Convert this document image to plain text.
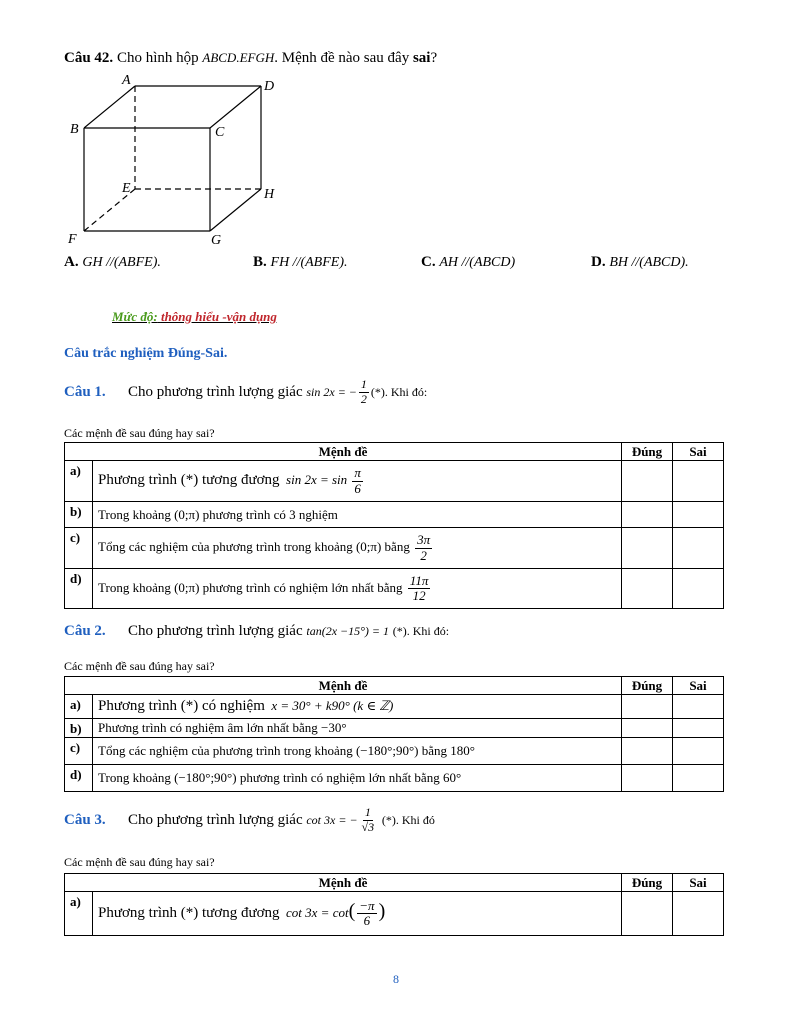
Câu 42. Cho hình hộp ABCD.EFGH. Mệnh đề nào sau đây sai?
A	D
B	C
E	H
F	G
A. GH //(ABFE).	B. FH //(ABFE).	C. AH //(ABCD)	D. BH //(ABCD).
Mức độ: thông hiểu -vận dụng
Câu trắc nghiệm Đúng-Sai.
Câu 1.	Cho phương trình lượng giác
sin 2x = − $\frac{1}{2}$ (*). Khi đó:
Các mệnh đề sau đúng hay sai?
Mệnh đề		Đúng	Sai
a)	Phương trình (*) tương đương $\sin 2x = \sin \frac{\pi}{6}$

b)	Trong khoảng (0;π) phương trình có 3 nghiệm		
c)	Tổng các nghiệm của phương trình trong khoảng (0;π) bằng $\frac{3\pi}{2}$

d)	Trong khoảng (0;π) phương trình có nghiệm lớn nhất bằng $\frac{11\pi}{12}$

Câu 2.	Cho phương trình lượng giác
tan(2x −15°) = 1
(*). Khi đó:
Các mệnh đề sau đúng hay sai?
Mệnh đề		Đúng	Sai
a)	Phương trình (*) có nghiệm x = 30° + k90° (k ∈ ℤ)		
b)	Phương trình có nghiệm âm lớn nhất bằng −30°		
c)	Tổng các nghiệm của phương trình trong khoảng (−180°;90°) bằng 180°		
d)	Trong khoảng (−180°;90°) phương trình có nghiệm lớn nhất bằng 60°		
Câu 3.	Cho phương trình lượng giác
cot 3x = − $\frac{1}{√3}$
(*). Khi đó
Các mệnh đề sau đúng hay sai?
Mệnh đề		Đúng	Sai
a)	Phương trình (*) tương đương $\cot 3x = \cot( \frac{-\pi}{6}$ )		
8
